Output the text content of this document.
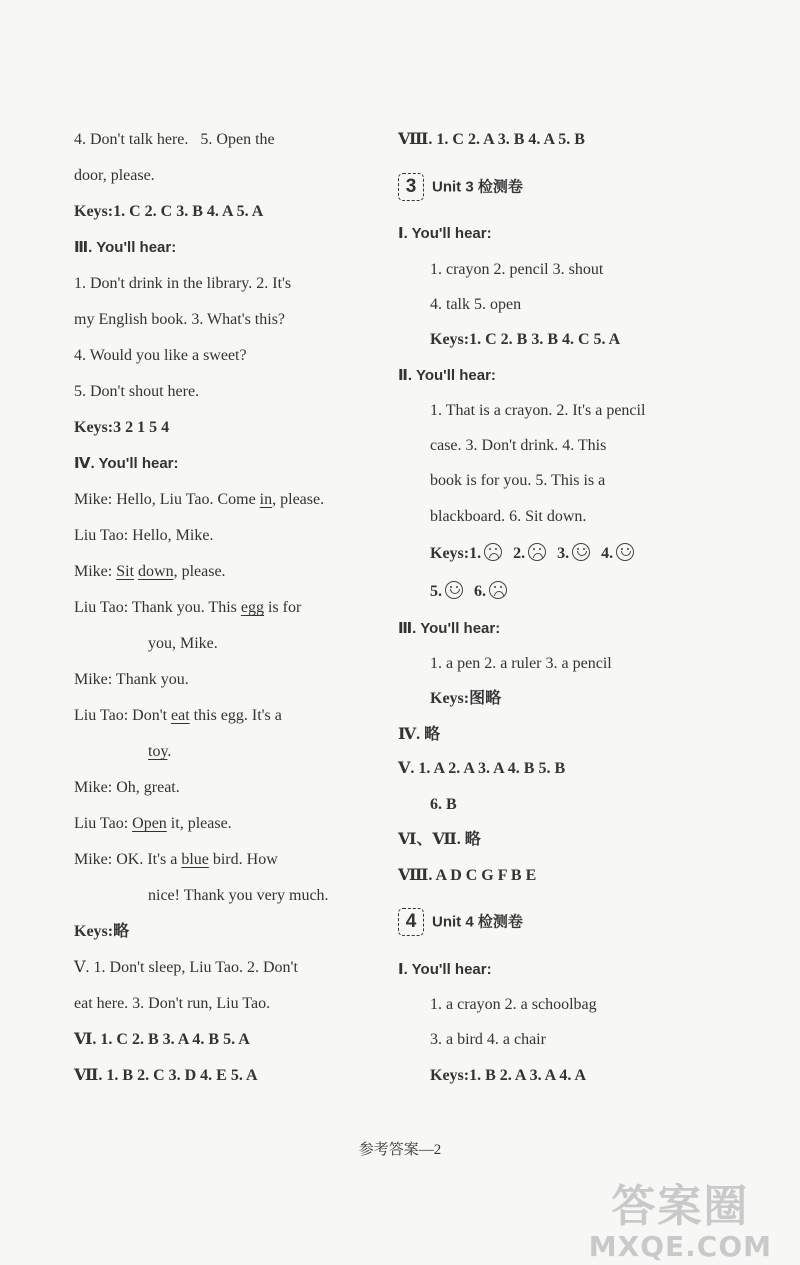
4. Don't talk here. 5. Open the
door, please.
Keys:1. C 2. C 3. B 4. A 5. A
Ⅲ. You'll hear:
1. Don't drink in the library. 2. It's
my English book. 3. What's this?
4. Would you like a sweet?
5. Don't shout here.
Keys:3 2 1 5 4
Ⅳ. You'll hear:
Mike: Hello, Liu Tao. Come in, please.
Liu Tao: Hello, Mike.
Mike: Sit down, please.
Liu Tao: Thank you. This egg is for
you, Mike.
Mike: Thank you.
Liu Tao: Don't eat this egg. It's a
toy.
Mike: Oh, great.
Liu Tao: Open it, please.
Mike: OK. It's a blue bird. How
nice! Thank you very much.
Keys:略
Ⅴ. 1. Don't sleep, Liu Tao. 2. Don't
eat here. 3. Don't run, Liu Tao.
Ⅵ. 1. C 2. B 3. A 4. B 5. A
Ⅶ. 1. B 2. C 3. D 4. E 5. A
Ⅷ. 1. C 2. A 3. B 4. A 5. B
3 Unit 3 检测卷
Ⅰ. You'll hear:
1. crayon 2. pencil 3. shout
4. talk 5. open
Keys:1. C 2. B 3. B 4. C 5. A
Ⅱ. You'll hear:
1. That is a crayon. 2. It's a pencil
case. 3. Don't drink. 4. This
book is for you. 5. This is a
blackboard. 6. Sit down.
Keys:1. 2. 3. 4.
5. 6.
Ⅲ. You'll hear:
1. a pen 2. a ruler 3. a pencil
Keys:图略
Ⅳ. 略
Ⅴ. 1. A 2. A 3. A 4. B 5. B
6. B
Ⅵ、Ⅶ. 略
Ⅷ. A D C G F B E
4 Unit 4 检测卷
Ⅰ. You'll hear:
1. a crayon 2. a schoolbag
3. a bird 4. a chair
Keys:1. B 2. A 3. A 4. A
参考答案—2
答案圈
MXQE.COM
